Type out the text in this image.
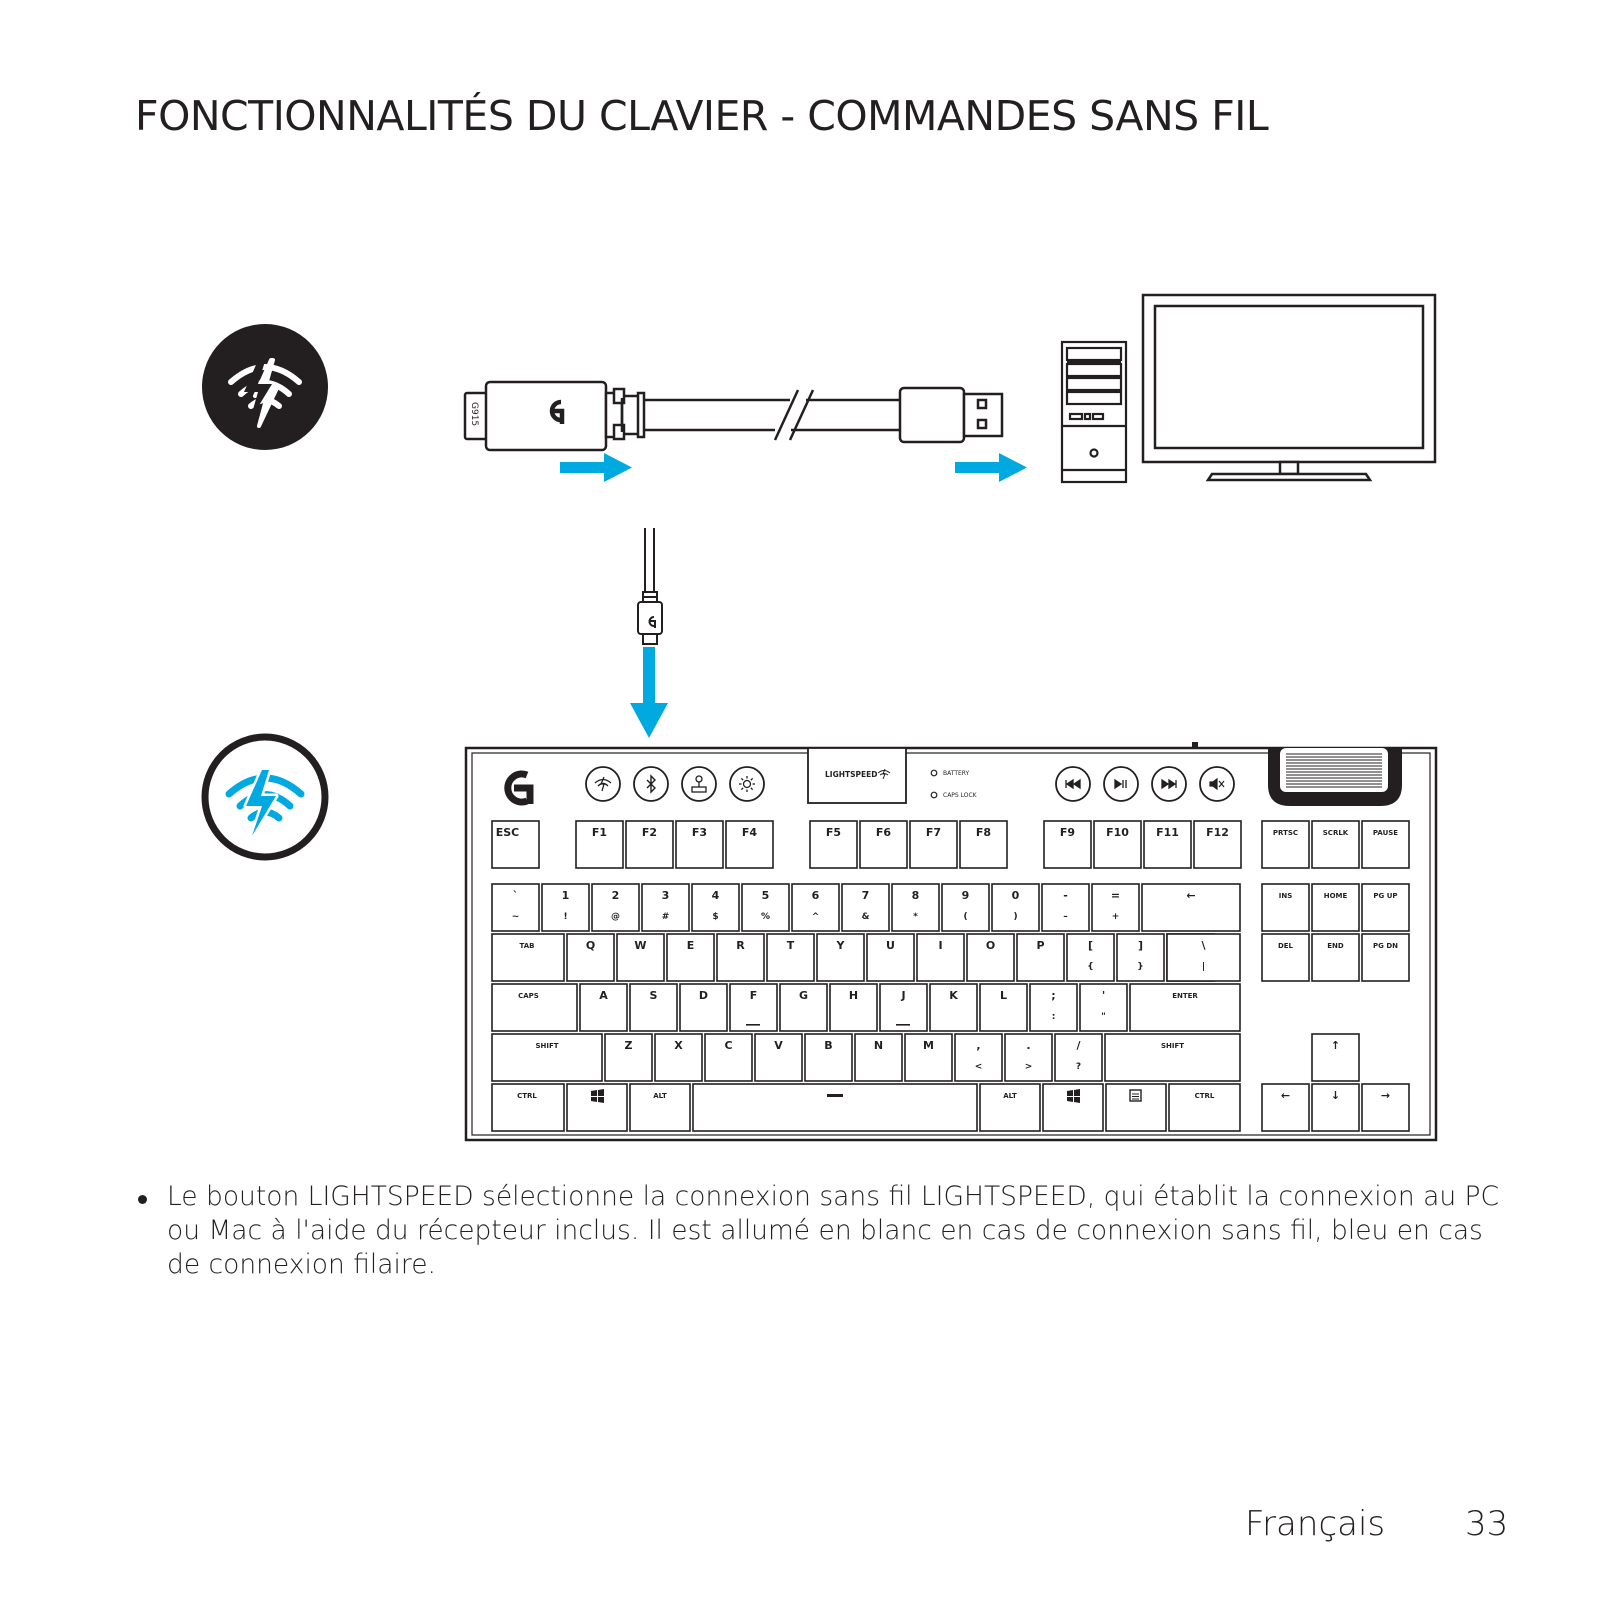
FONCTIONNALITÉS DU CLAVIER - COMMANDES SANS FIL
G915
LIGHTSPEED	BATTERY
CAPS LOCK
ESC	F1	F2	F3	F4	F5	F6	F7	F8	F9	F10 F11 F12	PRTSC	SCRLK	PAUSE
`
~
1
!
2
@
3
#
4
$
5
%
6
^
7
&
8
*
9
(
0
)
-
–
=
+
←	INS	HOME	PG UP
TAB	Q	W	E	R	T	Y	U	I	O	P	[
{
]
}
\
|
DEL	END	PG DN
CAPS	A	S	D	F	G	H	J	K	L	;
:
'
"
ENTER
SHIFT	Z	X	C	V	B	N	M	,
<
.
>
/
?
SHIFT	↑
CTRL	ALT	ALT	CTRL	←	↓	→
Le bouton LIGHTSPEED sélectionne la connexion sans fil LIGHTSPEED, qui établit la connexion au PC ou Mac à l'aide du récepteur inclus. Il est allumé en blanc en cas de connexion sans fil, bleu en cas de connexion filaire.
Français 33
